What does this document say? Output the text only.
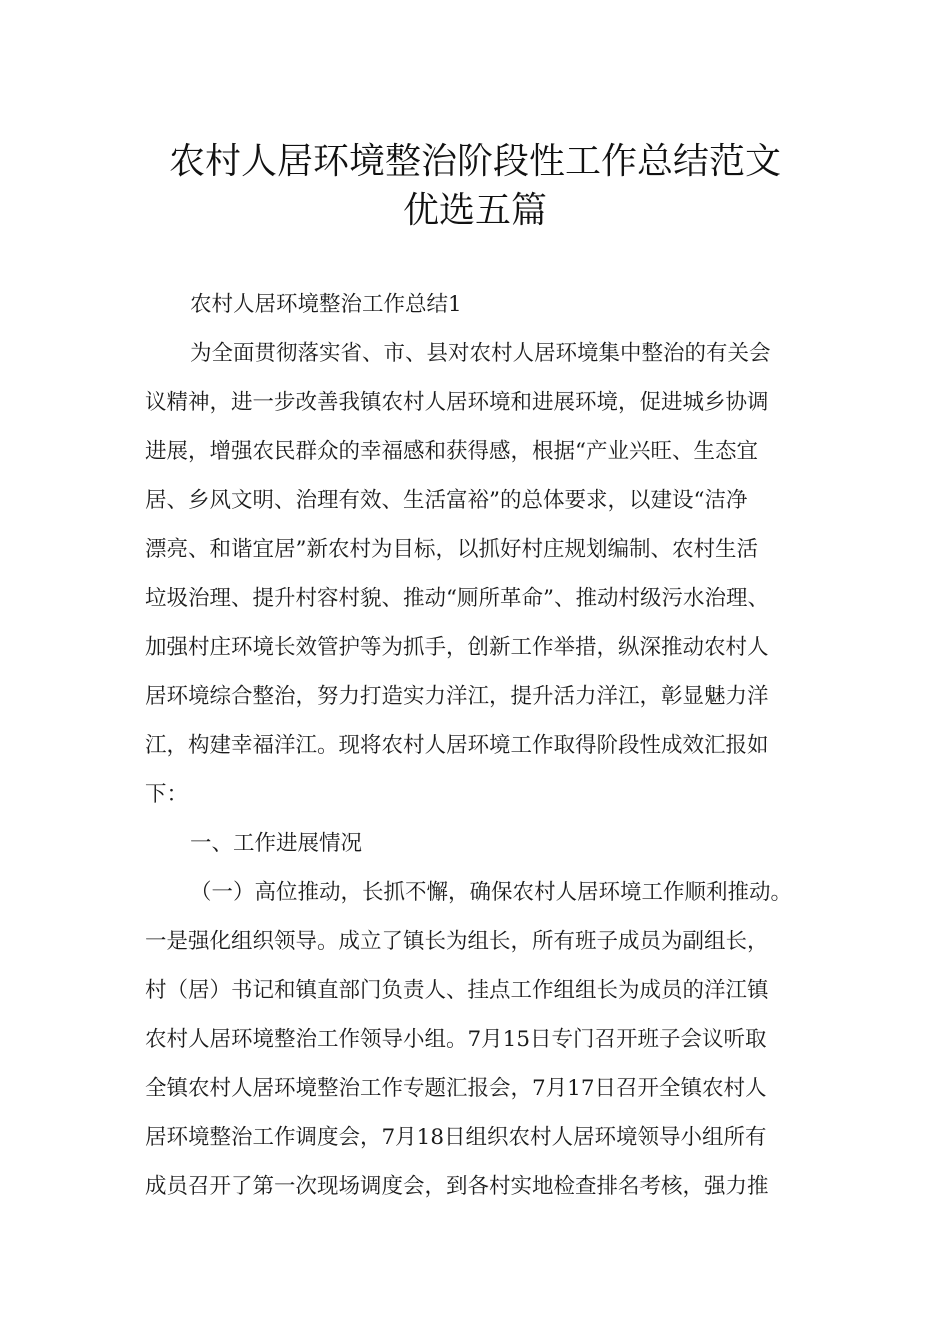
农村人居环境整治阶段性工作总结范文
优选五篇
农村人居环境整治工作总结1
为全面贯彻落实省、市、县对农村人居环境集中整治的有关会
议精神，进一步改善我镇农村人居环境和进展环境，促进城乡协调
进展，增强农民群众的幸福感和获得感，根据“产业兴旺、生态宜
居、乡风文明、治理有效、生活富裕”的总体要求，以建设“洁净
漂亮、和谐宜居”新农村为目标，以抓好村庄规划编制、农村生活
垃圾治理、提升村容村貌、推动“厕所革命”、推动村级污水治理、
加强村庄环境长效管护等为抓手，创新工作举措，纵深推动农村人
居环境综合整治，努力打造实力洋江，提升活力洋江，彰显魅力洋
江，构建幸福洋江。现将农村人居环境工作取得阶段性成效汇报如
下：
一、工作进展情况
（一）高位推动，长抓不懈，确保农村人居环境工作顺利推动。
一是强化组织领导。成立了镇长为组长，所有班子成员为副组长，
村（居）书记和镇直部门负责人、挂点工作组组长为成员的洋江镇
农村人居环境整治工作领导小组。7月15日专门召开班子会议听取
全镇农村人居环境整治工作专题汇报会，7月17日召开全镇农村人
居环境整治工作调度会，7月18日组织农村人居环境领导小组所有
成员召开了第一次现场调度会，到各村实地检查排名考核，强力推
